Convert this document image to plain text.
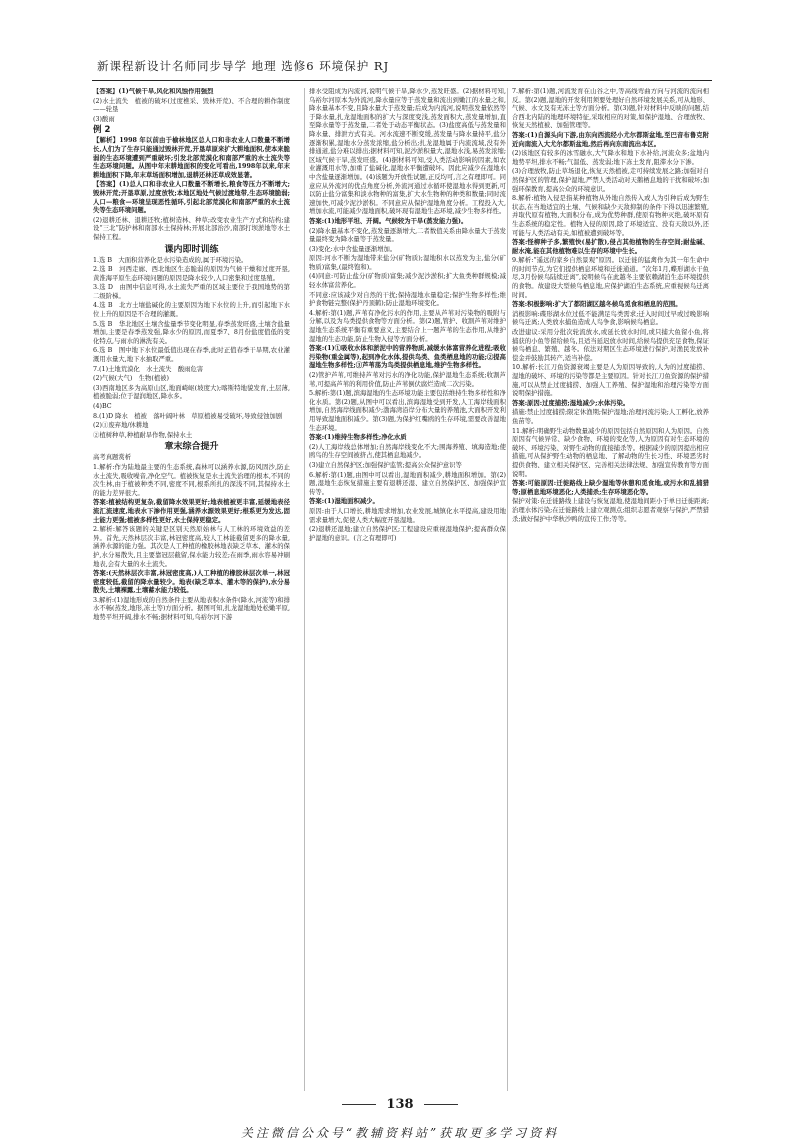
新课程新设计名师同步导学 地理 选修6 环境保护 RJ

【答案】(1)气候干旱,风化和风蚀作用强烈

(2)水土流失　植被的破坏(过度樵采、毁林开荒)、不合理的耕作制度——轮垦

(3)酸雨

例 2

【解析】1998 年以前由于榆林地区总人口和非农业人口数量不断增长,人们为了生存只能通过毁林开荒,开垦草原来扩大耕地面积,使本来脆弱的生态环境遭到严重破坏;引发北部荒漠化和南部严重的水土流失等生态环境问题。从图中年末耕地面积的变化可看出,1998年以来,年末耕地面积下降,年末草场面积增加,退耕还林还草成效显著。

【答案】(1)总人口和非农业人口数量不断增长,粮食等压力不断增大;毁林开荒;开垦草原,过度放牧;本地区地处气候过渡地带,生态环境脆弱;人口—粮食—环境呈现恶性循环,引起北部荒漠化和南部严重的水土流失等生态环境问题。

(2)退耕还林、退耕还牧;植树造林、种草;改变农业生产方式和结构;建设“三北”防护林和南部水土保持林;开展北部治沙,南部打坝淤地等水土保持工程。

课内即时训练

1.选 B　大面积营养化是水污染造成的,属于环境污染。

2.选 B　河西走廊、西北地区生态脆弱的原因为气候干燥和过度开垦,黄淮海平原生态环境问题的原因是降水较少,人口密集和过度垦殖。

3.选 D　由图中信息可得,水土流失严重的区域主要位于我国地势的第二级阶梯。

4.选 B　北方土壤盐碱化的主要原因为地下水位的上升,而引起地下水位上升的原因是不合理的灌溉。

5.选 B　华北地区土壤含盐量季节变化明显,春季蒸发旺盛,土壤含盐量增加,主要是春季蒸发强,降水少的原因,而夏季7、8月份盐度值低的变化特点,与雨水的淋洗有关。

6.选 B　图中地下水位最低值出现在春季,此时正值春季干旱期,农业灌溉用水量大,地下水抽取严重。

7.(1)土地荒漠化　水土流失　酸雨危害

(2)气候(大气)　生物(植被)

(3)西南地区多为高原山区,地面崎岖(坡度大);喀斯特地貌发育,土层薄,植被脆弱;位于湿润地区,降水多。

(4)BC

8.(1)D 降水　植被　落叶阔叶林　草原植被易受破坏,导致侵蚀加剧

(2)①废弃地/休耕地

②植树种草,种植耐旱作物,保持水土

章末综合提升

高考真题赏析

1.解析:作为陆地最主要的生态系统,森林可以涵养水源,防风固沙,防止水土流失,吸收噪音,净化空气。植被恢复是水土流失治理的根本,不同的次生林,由于植被种类不同,密度不同,根系所扎的深浅不同,其保持水土的能力差异很大。

答案:植被结构更复杂,截留降水效果更好;地表植被更丰富,延缓地表径流汇流速度,地表水下渗作用更强,涵养水源效果更好;根系更为发达,固土能力更强;植被多样性更好,水土保持更稳定。

2.解析:解答该题的关键是区别天然原始林与人工林的环境效益的差异。首先,天然林层次丰富,林冠密度高,较人工林能截留更多的降水量,涵养水源的能力强。其次是人工种植的橡胶林地表缺乏草本、灌木的保护,水分易散失,且主要靠冠层截留,保水能力较差;在雨季,雨水容易冲刷地表,会有大量的水土流失。

答案:(天然林层次丰富,林冠密度高,)人工种植的橡胶林层次单一,林冠密度较低,截留的降水量较少。地表(缺乏草本、灌木等的保护),水分易散失,土壤裸露,土壤蓄水能力较低。

3.解析:(1)湿地形成的自然条件主要从地表积水条件(降水,河流等)和排水不畅(蒸发,地形,冻土等)方面分析。据图可知,扎龙湿地地处松嫩平原,地势平坦开阔,排水不畅;据材料可知,乌裕尔河下游

排水受阻成为内流河,说明气候干旱,降水少,蒸发旺盛。(2)据材料可知,乌裕尔河原本为外流河,降水量应等于蒸发量和流出到嫩江的水量之和,降水量基本不变,且降水量大于蒸发量;后成为内流河,说明蒸发量依然等于降水量,扎龙湿地面积的扩大与深度变浅,蒸发面积大,蒸发量增加,直至降水量等于蒸发量,二者处于动态平衡状态。(3)盐度高低与蒸发量和降水量、排泄方式有关。河水流速不断变缓,蒸发量与降水量持平,盐分逐渐积累,湿地水分蒸发浓缩,盐分析出;扎龙湿地属于内流流域,没有外排通道,盐分难以排出;据材料可知,泥沙淤积量大,湿地水浅,易蒸发浓缩;区域气候干旱,蒸发旺盛。(4)据材料可知,受人类活动影响的因素,如农业灌溉用水等,加重了盐碱化,湿地水平衡遭破坏。因此应减少在湿地水中含盐量逐渐增加。(4)该题为开放性试题,正反均可,言之有理即可。同意应从外流河的优点角度分析,外流河通过水循环使湿地水得到更新,可以防止盐分富集和淡水物种的富集,扩大水生物种的种类和数量;同时流速加快,可减少泥沙淤积。不同意应从保护湿地角度分析。工程投入大,增加水流,可能减少湿地面积,破坏现有湿地生态环境,减少生物多样性。

答案:(1)地形平坦、开阔。气候较为干旱(蒸发能力强)。

(2)降水量基本不变化,蒸发量逐渐增大,二者数值关系由降水量大于蒸发量最终变为降水量等于蒸发量。

(3)变化:水中含盐量逐渐增加。

原因:河水不断为湿地带来盐分(矿物质);湿地积水以蒸发为主,盐分(矿物质)富集,(最终饱和)。

(4)同意:可防止盐分(矿物质)富集;减少泥沙淤积;扩大鱼类种群规模;减轻水体富营养化。

不同意:应该减少对自然的干扰;保持湿地水量稳定;保护生物多样性;维护食物链完整(保护丹顶鹤);防止湿地环境变化。

4.解析:第(1)题,芦苇有净化污水的作用,主要从芦苇对污染物的吸附与分解,以及为鸟类提供食物等方面分析。第(2)题,管护、收割芦苇对维护湿地生态系统平衡有重要意义,主要结合上一题芦苇的生态作用,从维护湿地的生态功能,防止生物入侵等方面分析。

答案:(1)①吸收水体和淤泥中的营养物质,减缓水体富营养化进程;吸收污染物(重金属等),起到净化水体,提供鸟类、鱼类栖息地的功能;②提高湿地生物多样性;③芦苇荡为鸟类提供栖息地,维护生物多样性。

(2)管护芦苇,可维持芦苇对污水的净化功能,保护湿地生态系统;收割芦苇,可提高芦苇的利用价值,防止芦苇倒伏腐烂造成二次污染。

5.解析:第(1)题,滨海湿地的生态环境功能主要包括维持生物多样性和净化水质。第(2)题,从图中可以看出,滨海湿地受到开发,人工海岸线面积增加,自然海岸线面积减少;渤海湾沿岸分布大量的养殖池,大面积开发利用导致湿地面积减少。第(3)题,为保护红嘴鸥的生存环境,需要改善湿地生态环境。

答案:(1)维持生物多样性;净化水质

(2)人工海岸线总体增加;自然海岸线变化不大;围海养殖、填海造地;使鸥鸟的生存空间被挤占,使其栖息地减少。

(3)建立自然保护区;加强保护监管;提高公众保护意识等

6.解析:第(1)题,由图中可以看出,湿地面积减少,耕地面积增加。第(2)题,湿地生态恢复措施主要有退耕还湿、建立自然保护区、加强保护宣传等。

答案:(1)湿地面积减少。

原因:由于人口增长,耕地需求增加,农业发展,城镇化水平提高,建设用地需求量增大,促使人类大幅度开垦湿地。

(2)退耕还湿地;建立自然保护区;工程建设应重视湿地保护;提高群众保护湿地的意识。(言之有理即可)

7.解析:第(1)题,河流发育在山谷之中,等高线弯曲方向与河流的流向相反。第(2)题,湿地的开发利用须要处理好自然环境发展关系,可从地形、气候、水文及有无冻土等方面分析。第(3)题,针对材料中反映的问题,结合西北内陆的地理环境特征,采取相应的对策,如保护湿地、合理放牧、恢复天然植被、加强管理等。

答案:(1)自源头向下游,由东向西流经小尤尔都斯盆地,至巴音布鲁克附近向南流入大尤尔都斯盆地,然后再向东南流出本区。

(2)该地区有较多的冰雪融水,大气降水和地下水补给,河流众多;盆地内地势平坦,排水不畅;气温低、蒸发弱;地下冻土发育,阻滞水分下渗。

(3)合理放牧,防止草场退化,恢复天然植被,走可持续发展之路;加强对自然保护区的管理,保护湿地,严禁人类活动对天鹅栖息地的干扰和破坏;加强环保教育,提高公众的环境意识。

8.解析:植物入侵是指某种植物从外地自然传入或人为引种后成为野生状态,在当地适宜的土壤、气候和缺少天敌抑制的条件下得以迅速繁殖,并取代原有植物,大面积分布,成为优势种群,使原有物种灭绝,破坏原有生态系统的稳定性。植物入侵的原因,除了环境适宜、没有天敌以外,还可能与人类活动有关,如植被遭到破坏等。

答案:怪柳种子多,繁殖快(易扩散),侵占其他植物的生存空间;耐盐碱、耐水淹,能在其他植物难以生存的环境中生长。

9.解析:“遥远的家乡自然景观”原因。以迁徙的猛禽作为其一年生命中的时间节点,为它们提供栖息环境和迁徙通道。“次年1月,蝶形湖水干鱼尽,3月份候鸟陆续迁离”,说明候鸟在此越冬主要依赖湖泊生态环境提供的食物。故建设大型候鸟栖息地,应保护湖泊生态系统,应重视候鸟迁离时间。

答案:积极影响:扩大了都阳湖区越冬候鸟觅食和栖息的范围。

消极影响:碟形湖水位过低不能满足鸟类需求;迁入时间过早或过晚影响候鸟迁离;人类放水捕鱼造成人鸟争食,影响候鸟栖息。

改进建议:采用分批次轮流放水,或延长放水时间,或只捕大鱼留小鱼,将捕获的小鱼等留给候鸟,且适当延迟放水时间,给候鸟提供充足食物,保证候鸟栖息、繁殖、越冬。依法对期区生态环境进行保护,对渔民发放补偿金并鼓励其转产,适当补偿。

10.解析:长江刀鱼资源衰竭主要是人为原因导致的,人为的过度捕捞、湿地的破坏、环境的污染等都是主要原因。针对长江刀鱼资源的保护措施,可以从禁止过度捕捞、加强人工养殖、保护湿地和治理污染等方面说明保护措施。

答案:原因:过度捕捞;湿地减少;水体污染。

措施:禁止过度捕捞;限定休渔期;保护湿地;治理河流污染;人工孵化,放养鱼苗等。

11.解析:明确野生动物数量减少的原因包括自然原因和人为原因。自然原因有气候异常、缺少食物、环境的变化等,人为原因有对生态环境的破坏、环境污染、对野生动物的直接捕杀等。根据减少的原因提出相应措施,可从保护野生动物的栖息地、了解动物的生长习性、环境恶劣时提供食物、建立相关保护区、完善相关法律法规、加强宣传教育等方面说明。

答案:可能原因:迁徙路线上缺少湿地等休憩和觅食地,或污水和乱捕猎等;原栖息地环境恶化;人类捕杀;生存环境恶化等。

保护对策:在迁徙路线上建设与恢复湿地,使湿地间距小于单日迁徙距离;治理水体污染;在迁徙路线上建立观测点;组织志愿者观察与保护,严禁猎杀;做好保护中华秋沙鸭的宣传工作;等等。

138
关注微信公众号“教辅资料站”获取更多学习资料
